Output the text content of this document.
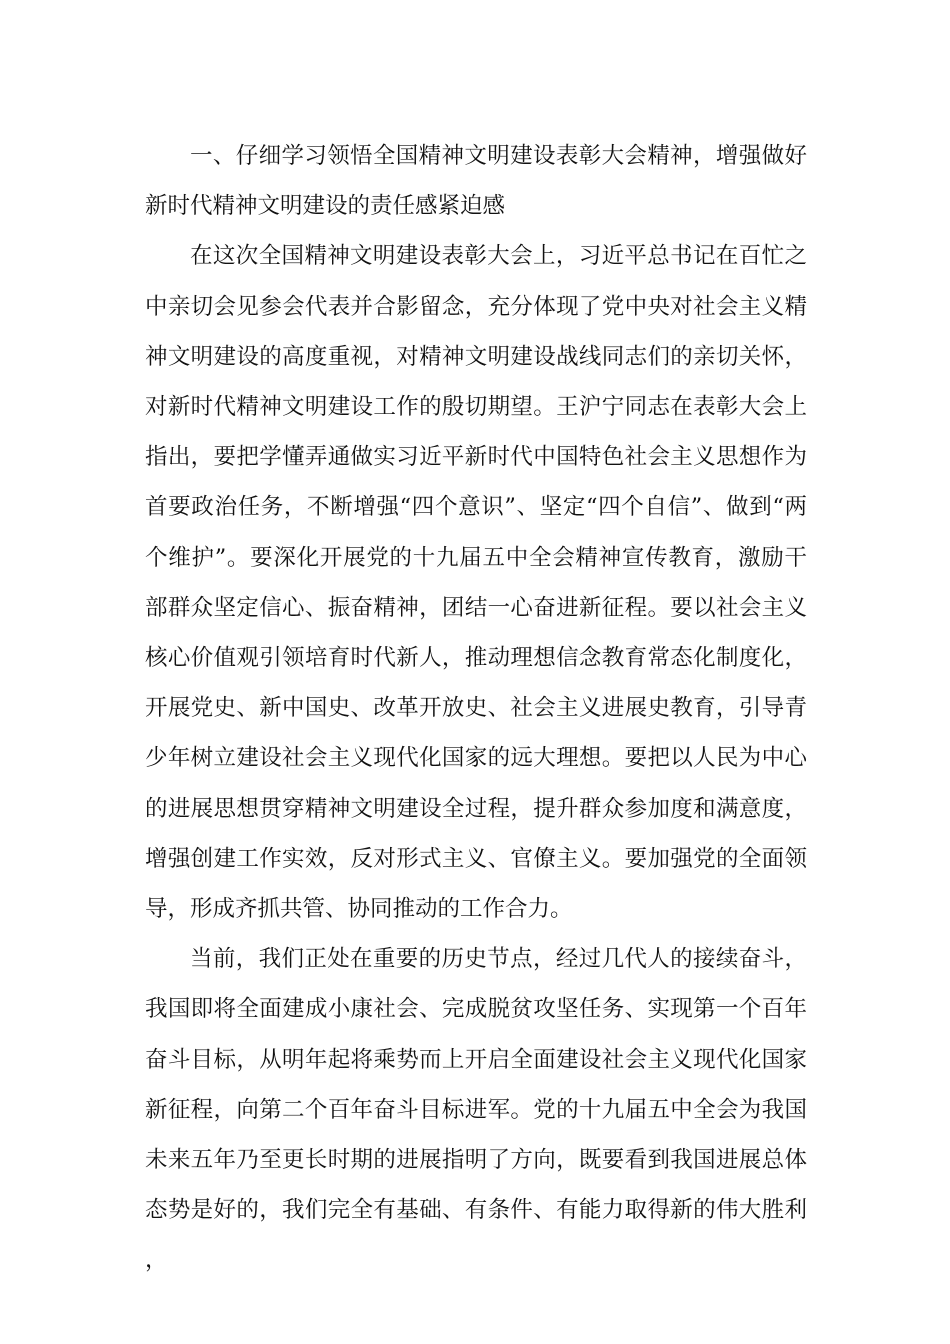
一、仔细学习领悟全国精神文明建设表彰大会精神，增强做好新时代精神文明建设的责任感紧迫感

在这次全国精神文明建设表彰大会上，习近平总书记在百忙之中亲切会见参会代表并合影留念，充分体现了党中央对社会主义精神文明建设的高度重视，对精神文明建设战线同志们的亲切关怀，对新时代精神文明建设工作的殷切期望。王沪宁同志在表彰大会上指出，要把学懂弄通做实习近平新时代中国特色社会主义思想作为首要政治任务，不断增强“四个意识”、坚定“四个自信”、做到“两个维护”。要深化开展党的十九届五中全会精神宣传教育，激励干部群众坚定信心、振奋精神，团结一心奋进新征程。要以社会主义核心价值观引领培育时代新人，推动理想信念教育常态化制度化，开展党史、新中国史、改革开放史、社会主义进展史教育，引导青少年树立建设社会主义现代化国家的远大理想。要把以人民为中心的进展思想贯穿精神文明建设全过程，提升群众参加度和满意度，增强创建工作实效，反对形式主义、官僚主义。要加强党的全面领导，形成齐抓共管、协同推动的工作合力。

当前，我们正处在重要的历史节点，经过几代人的接续奋斗，我国即将全面建成小康社会、完成脱贫攻坚任务、实现第一个百年奋斗目标，从明年起将乘势而上开启全面建设社会主义现代化国家新征程，向第二个百年奋斗目标进军。党的十九届五中全会为我国未来五年乃至更长时期的进展指明了方向，既要看到我国进展总体态势是好的，我们完全有基础、有条件、有能力取得新的伟大胜利，
